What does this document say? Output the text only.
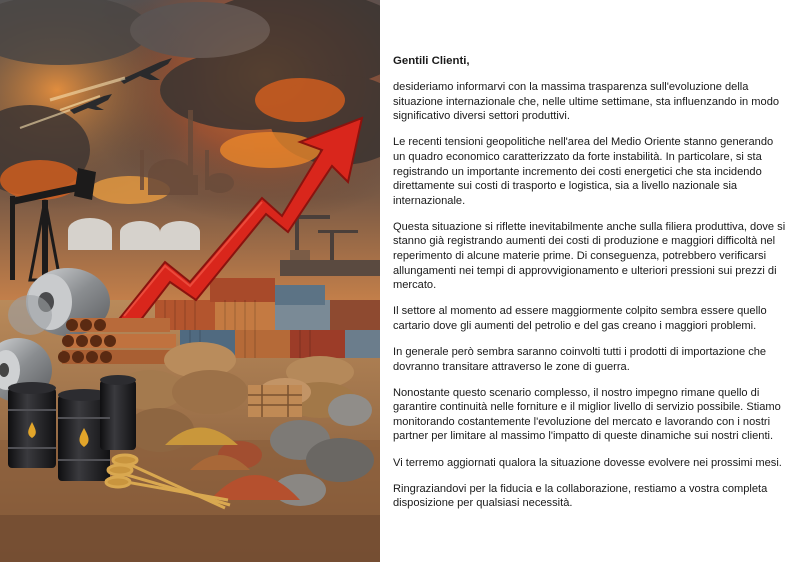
Gentili Clienti,

desideriamo informarvi con la massima trasparenza sull'evoluzione della situazione internazionale che, nelle ultime settimane, sta influenzando in modo significativo diversi settori produttivi.

Le recenti tensioni geopolitiche nell'area del Medio Oriente stanno generando un quadro economico caratterizzato da forte instabilità. In particolare, si sta registrando un importante incremento dei costi energetici che sta incidendo direttamente sui costi di trasporto e logistica, sia a livello nazionale sia internazionale.

Questa situazione si riflette inevitabilmente anche sulla filiera produttiva, dove si stanno già registrando aumenti dei costi di produzione e maggiori difficoltà nel reperimento di alcune materie prime. Di conseguenza, potrebbero verificarsi allungamenti nei tempi di approvvigionamento e ulteriori pressioni sui prezzi di mercato.

Il settore al momento ad essere maggiormente colpito sembra essere quello cartario dove gli aumenti del petrolio e del gas creano i maggiori problemi.

In generale però sembra saranno coinvolti tutti i prodotti di importazione che dovranno transitare attraverso le zone di guerra.

Nonostante questo scenario complesso, il nostro impegno rimane quello di garantire continuità nelle forniture e il miglior livello di servizio possibile. Stiamo monitorando costantemente l'evoluzione del mercato e lavorando con i nostri partner per limitare al massimo l'impatto di queste dinamiche sui nostri clienti.

Vi terremo aggiornati qualora la situazione dovesse evolvere nei prossimi mesi.

Ringraziandovi per la fiducia e la collaborazione, restiamo a vostra completa disposizione per qualsiasi necessità.
